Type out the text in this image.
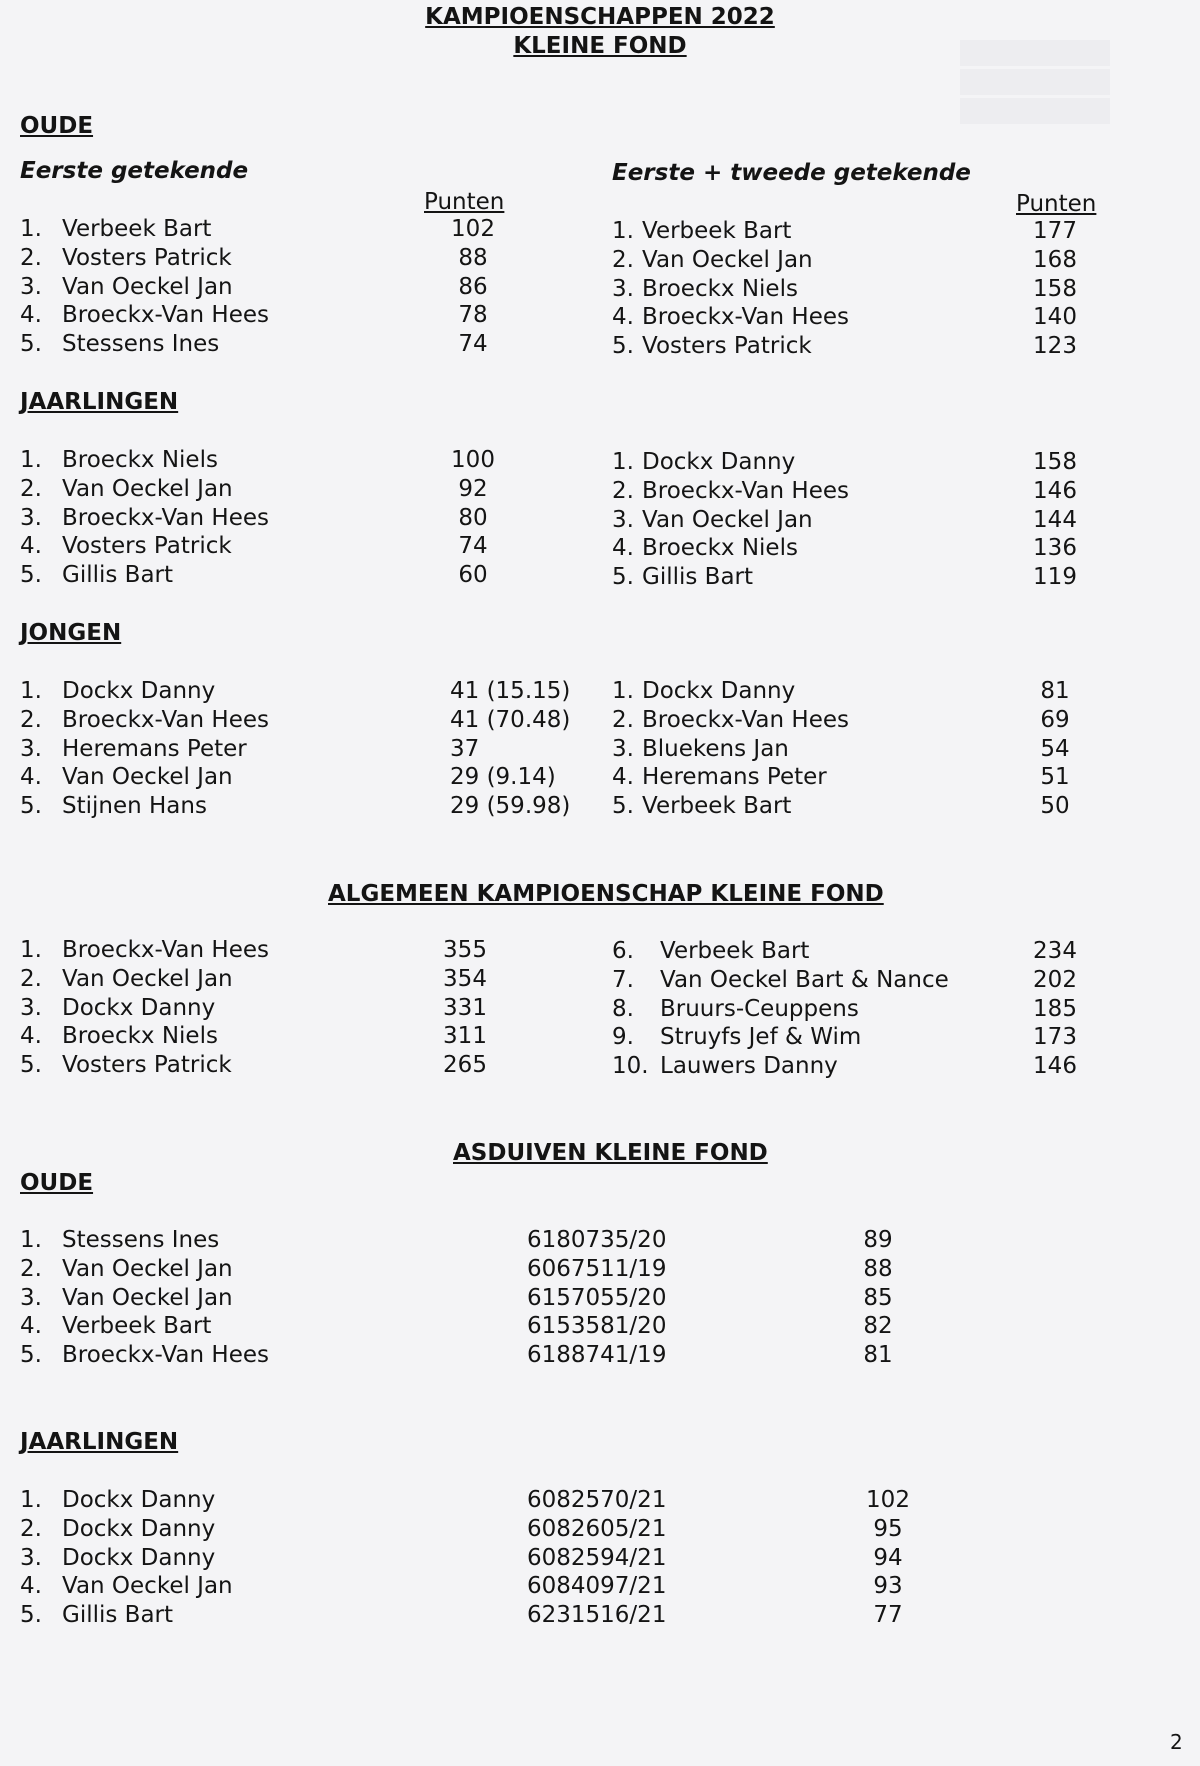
KAMPIOENSCHAPPEN 2022
KLEINE FOND
OUDE
Eerste getekende	Eerste + tweede getekende
Punten	Punten
1. Verbeek Bart	102
2. Vosters Patrick	88
3. Van Oeckel Jan	86
4. Broeckx-Van Hees	78
5. Stessens Ines	74
1. Verbeek Bart	177
2. Van Oeckel Jan	168
3. Broeckx Niels	158
4. Broeckx-Van Hees	140
5. Vosters Patrick	123
JAARLINGEN
1. Broeckx Niels	100
2. Van Oeckel Jan	92
3. Broeckx-Van Hees	80
4. Vosters Patrick	74
5. Gillis Bart	60
1. Dockx Danny	158
2. Broeckx-Van Hees	146
3. Van Oeckel Jan	144
4. Broeckx Niels	136
5. Gillis Bart	119
JONGEN
1. Dockx Danny	41 (15.15)
2. Broeckx-Van Hees	41 (70.48)
3. Heremans Peter	37
4. Van Oeckel Jan	29 (9.14)
5. Stijnen Hans	29 (59.98)
1. Dockx Danny	81
2. Broeckx-Van Hees	69
3. Bluekens Jan	54
4. Heremans Peter	51
5. Verbeek Bart	50
ALGEMEEN KAMPIOENSCHAP KLEINE FOND
1. Broeckx-Van Hees	355
2. Van Oeckel Jan	354
3. Dockx Danny	331
4. Broeckx Niels	311
5. Vosters Patrick	265
6. Verbeek Bart	234
7. Van Oeckel Bart & Nance	202
8. Bruurs-Ceuppens	185
9. Struyfs Jef & Wim	173
10. Lauwers Danny	146
ASDUIVEN KLEINE FOND
OUDE
1. Stessens Ines	6180735/20	89
2. Van Oeckel Jan	6067511/19	88
3. Van Oeckel Jan	6157055/20	85
4. Verbeek Bart	6153581/20	82
5. Broeckx-Van Hees	6188741/19	81
JAARLINGEN
1. Dockx Danny	6082570/21	102
2. Dockx Danny	6082605/21	95
3. Dockx Danny	6082594/21	94
4. Van Oeckel Jan	6084097/21	93
5. Gillis Bart	6231516/21	77
2
